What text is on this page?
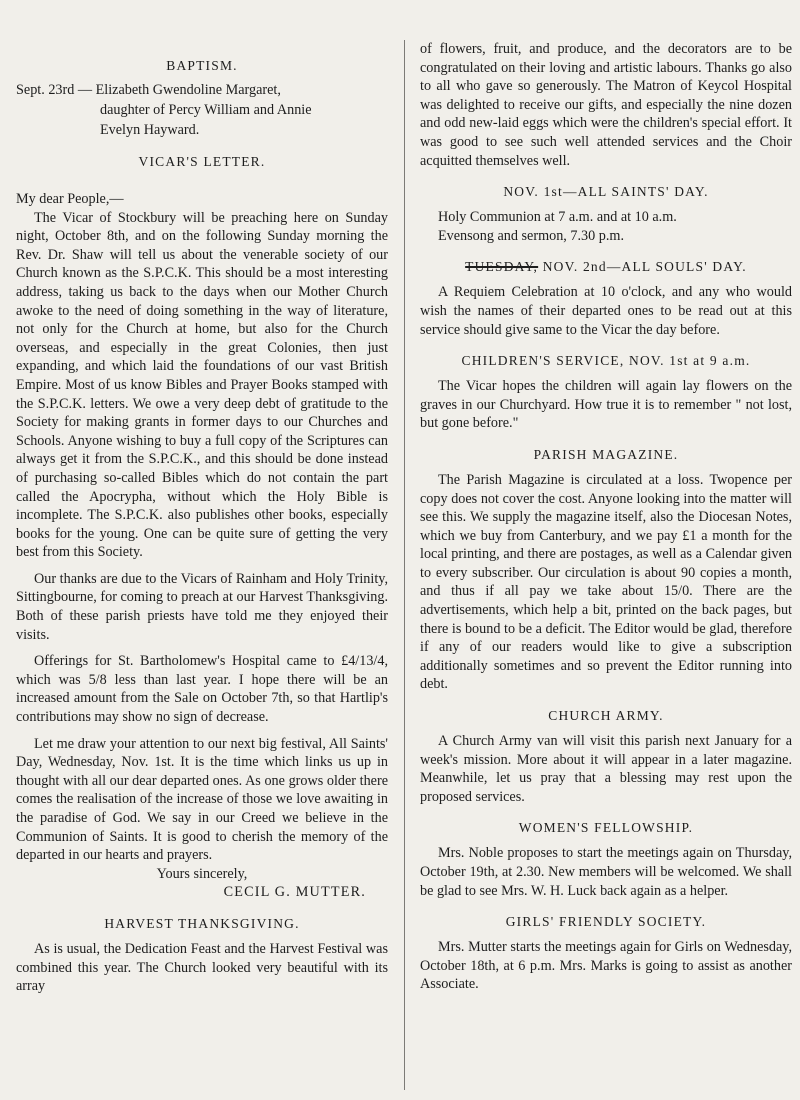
BAPTISM.
Sept. 23rd — Elizabeth Gwendoline Margaret,
daughter of Percy William and Annie
Evelyn Hayward.
VICAR'S LETTER.

My dear People,—

The Vicar of Stockbury will be preaching here on Sunday night, October 8th, and on the following Sunday morning the Rev. Dr. Shaw will tell us about the venerable society of our Church known as the S.P.C.K. This should be a most interesting address, taking us back to the days when our Mother Church awoke to the need of doing something in the way of literature, not only for the Church at home, but also for the Church overseas, and especially in the great Colonies, then just expanding, and which laid the foundations of our vast British Empire. Most of us know Bibles and Prayer Books stamped with the S.P.C.K. letters. We owe a very deep debt of gratitude to the Society for making grants in former days to our Churches and Schools. Anyone wishing to buy a full copy of the Scriptures can always get it from the S.P.C.K., and this should be done instead of purchasing so-called Bibles which do not contain the part called the Apocrypha, without which the Holy Bible is incomplete. The S.P.C.K. also publishes other books, especially books for the young. One can be quite sure of getting the very best from this Society.

Our thanks are due to the Vicars of Rainham and Holy Trinity, Sittingbourne, for coming to preach at our Harvest Thanksgiving. Both of these parish priests have told me they enjoyed their visits.

Offerings for St. Bartholomew's Hospital came to £4/13/4, which was 5/8 less than last year. I hope there will be an increased amount from the Sale on October 7th, so that Hartlip's contributions may show no sign of decrease.

Let me draw your attention to our next big festival, All Saints' Day, Wednesday, Nov. 1st. It is the time which links us up in thought with all our dear departed ones. As one grows older there comes the realisation of the increase of those we love awaiting in the paradise of God. We say in our Creed we believe in the Communion of Saints. It is good to cherish the memory of the departed in our hearts and prayers.

Yours sincerely,

CECIL G. MUTTER.

HARVEST THANKSGIVING.

As is usual, the Dedication Feast and the Harvest Festival was combined this year. The Church looked very beautiful with its array

of flowers, fruit, and produce, and the decorators are to be congratulated on their loving and artistic labours. Thanks go also to all who gave so generously. The Matron of Keycol Hospital was delighted to receive our gifts, and especially the nine dozen and odd new-laid eggs which were the children's special effort. It was good to see such well attended services and the Choir acquitted themselves well.

NOV. 1st—ALL SAINTS' DAY.

Holy Communion at 7 a.m. and at 10 a.m.

Evensong and sermon, 7.30 p.m.

TUESDAY, NOV. 2nd—ALL SOULS' DAY.

A Requiem Celebration at 10 o'clock, and any who would wish the names of their departed ones to be read out at this service should give same to the Vicar the day before.

CHILDREN'S SERVICE, NOV. 1st at 9 a.m.

The Vicar hopes the children will again lay flowers on the graves in our Churchyard. How true it is to remember " not lost, but gone before."

PARISH MAGAZINE.

The Parish Magazine is circulated at a loss. Twopence per copy does not cover the cost. Anyone looking into the matter will see this. We supply the magazine itself, also the Diocesan Notes, which we buy from Canterbury, and we pay £1 a month for the local printing, and there are postages, as well as a Calendar given to every subscriber. Our circulation is about 90 copies a month, and thus if all pay we take about 15/0. There are the advertisements, which help a bit, printed on the back pages, but there is bound to be a deficit. The Editor would be glad, therefore if any of our readers would like to give a subscription additionally sometimes and so prevent the Editor running into debt.

CHURCH ARMY.

A Church Army van will visit this parish next January for a week's mission. More about it will appear in a later magazine. Meanwhile, let us pray that a blessing may rest upon the proposed services.

WOMEN'S FELLOWSHIP.

Mrs. Noble proposes to start the meetings again on Thursday, October 19th, at 2.30. New members will be welcomed. We shall be glad to see Mrs. W. H. Luck back again as a helper.

GIRLS' FRIENDLY SOCIETY.

Mrs. Mutter starts the meetings again for Girls on Wednesday, October 18th, at 6 p.m. Mrs. Marks is going to assist as another Associate.
